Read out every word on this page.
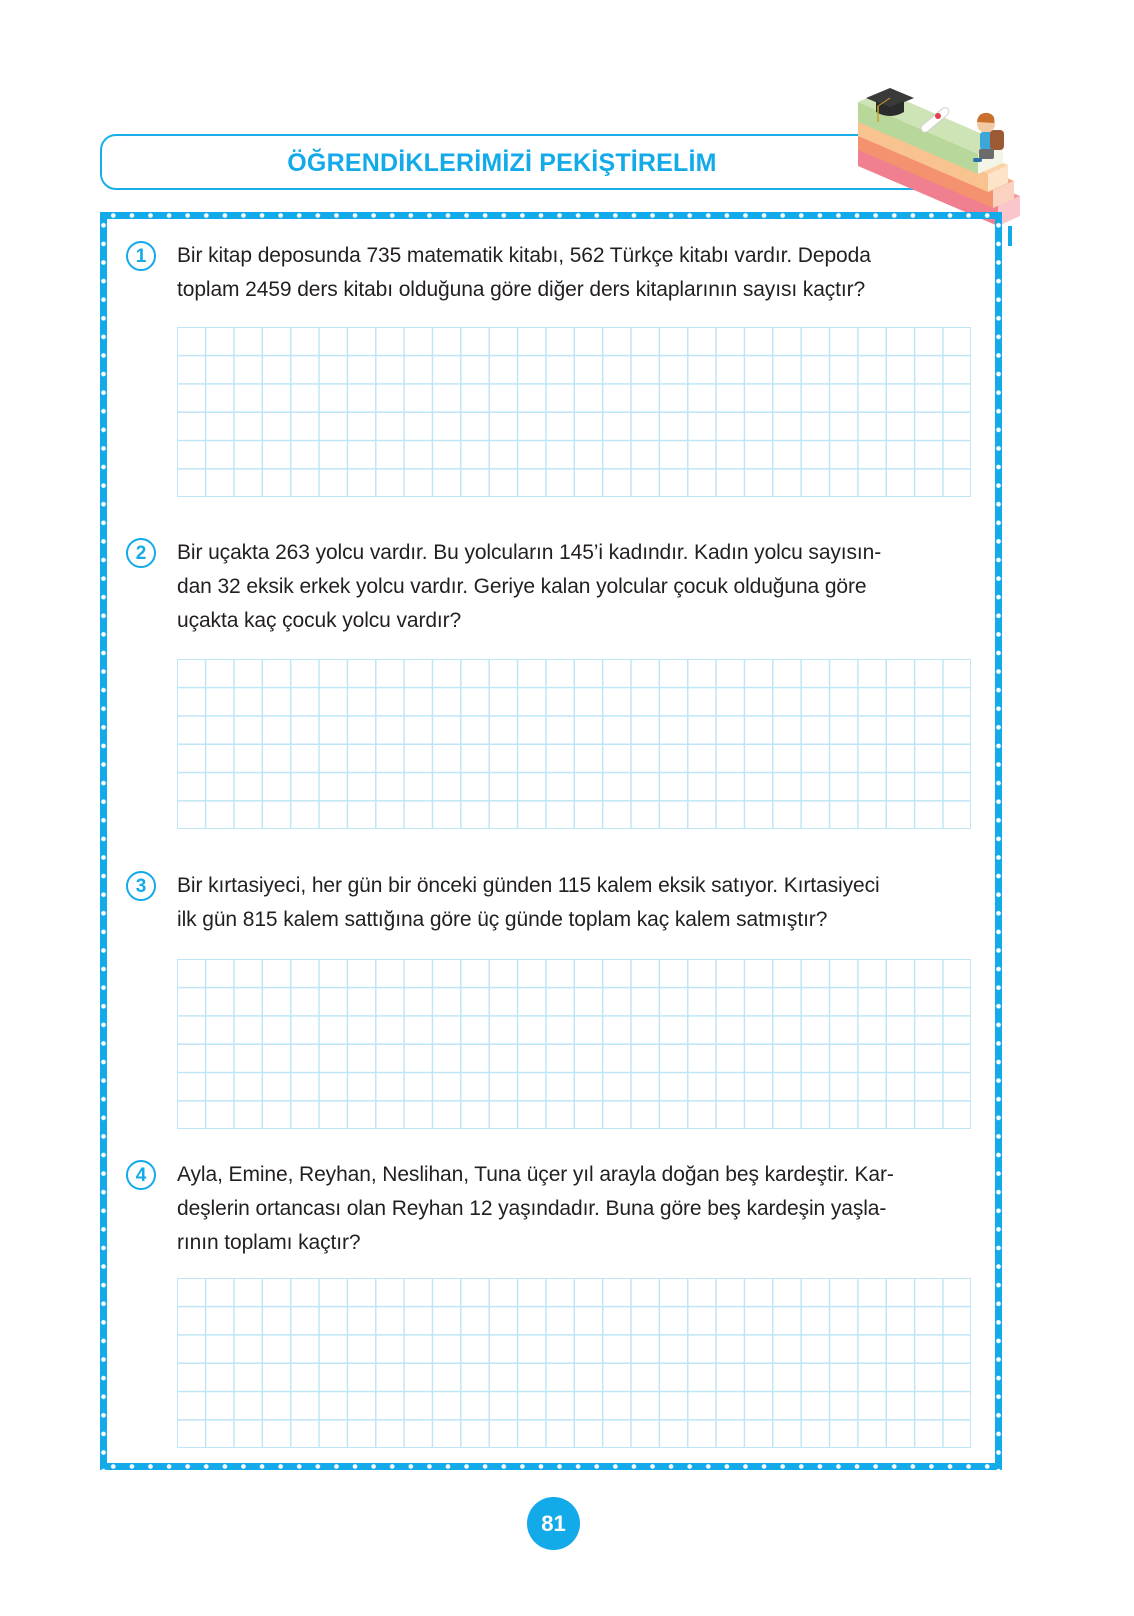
ÖĞRENDİKLERİMİZİ PEKİŞTİRELİM
1	Bir kitap deposunda 735 matematik kitabı, 562 Türkçe kitabı vardır. Depoda
toplam 2459 ders kitabı olduğuna göre diğer ders kitaplarının sayısı kaçtır?
2	Bir uçakta 263 yolcu vardır. Bu yolcuların 145’i kadındır. Kadın yolcu sayısın-
dan 32 eksik erkek yolcu vardır. Geriye kalan yolcular çocuk olduğuna göre
uçakta kaç çocuk yolcu vardır?
3	Bir kırtasiyeci, her gün bir önceki günden 115 kalem eksik satıyor. Kırtasiyeci
ilk gün 815 kalem sattığına göre üç günde toplam kaç kalem satmıştır?
4	Ayla, Emine, Reyhan, Neslihan, Tuna üçer yıl arayla doğan beş kardeştir. Kar-
deşlerin ortancası olan Reyhan 12 yaşındadır. Buna göre beş kardeşin yaşla-
rının toplamı kaçtır?
81
